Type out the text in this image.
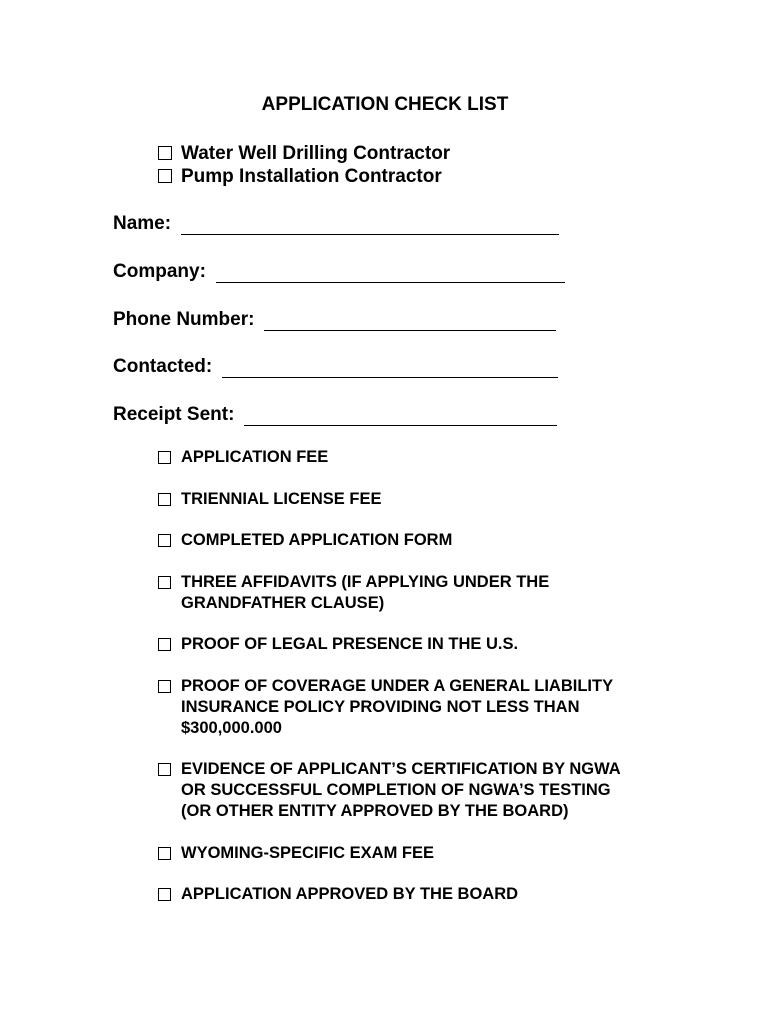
APPLICATION CHECK LIST
Water Well Drilling Contractor
Pump Installation Contractor
Name:
Company:
Phone Number:
Contacted:
Receipt Sent:
APPLICATION FEE
TRIENNIAL LICENSE FEE
COMPLETED APPLICATION FORM
THREE AFFIDAVITS (IF APPLYING UNDER THE
GRANDFATHER CLAUSE)
PROOF OF LEGAL PRESENCE IN THE U.S.
PROOF OF COVERAGE UNDER A GENERAL LIABILITY
INSURANCE POLICY PROVIDING NOT LESS THAN
$300,000.000
EVIDENCE OF APPLICANT’S CERTIFICATION BY NGWA
OR SUCCESSFUL COMPLETION OF NGWA’S TESTING
(OR OTHER ENTITY APPROVED BY THE BOARD)
WYOMING-SPECIFIC EXAM FEE
APPLICATION APPROVED BY THE BOARD
